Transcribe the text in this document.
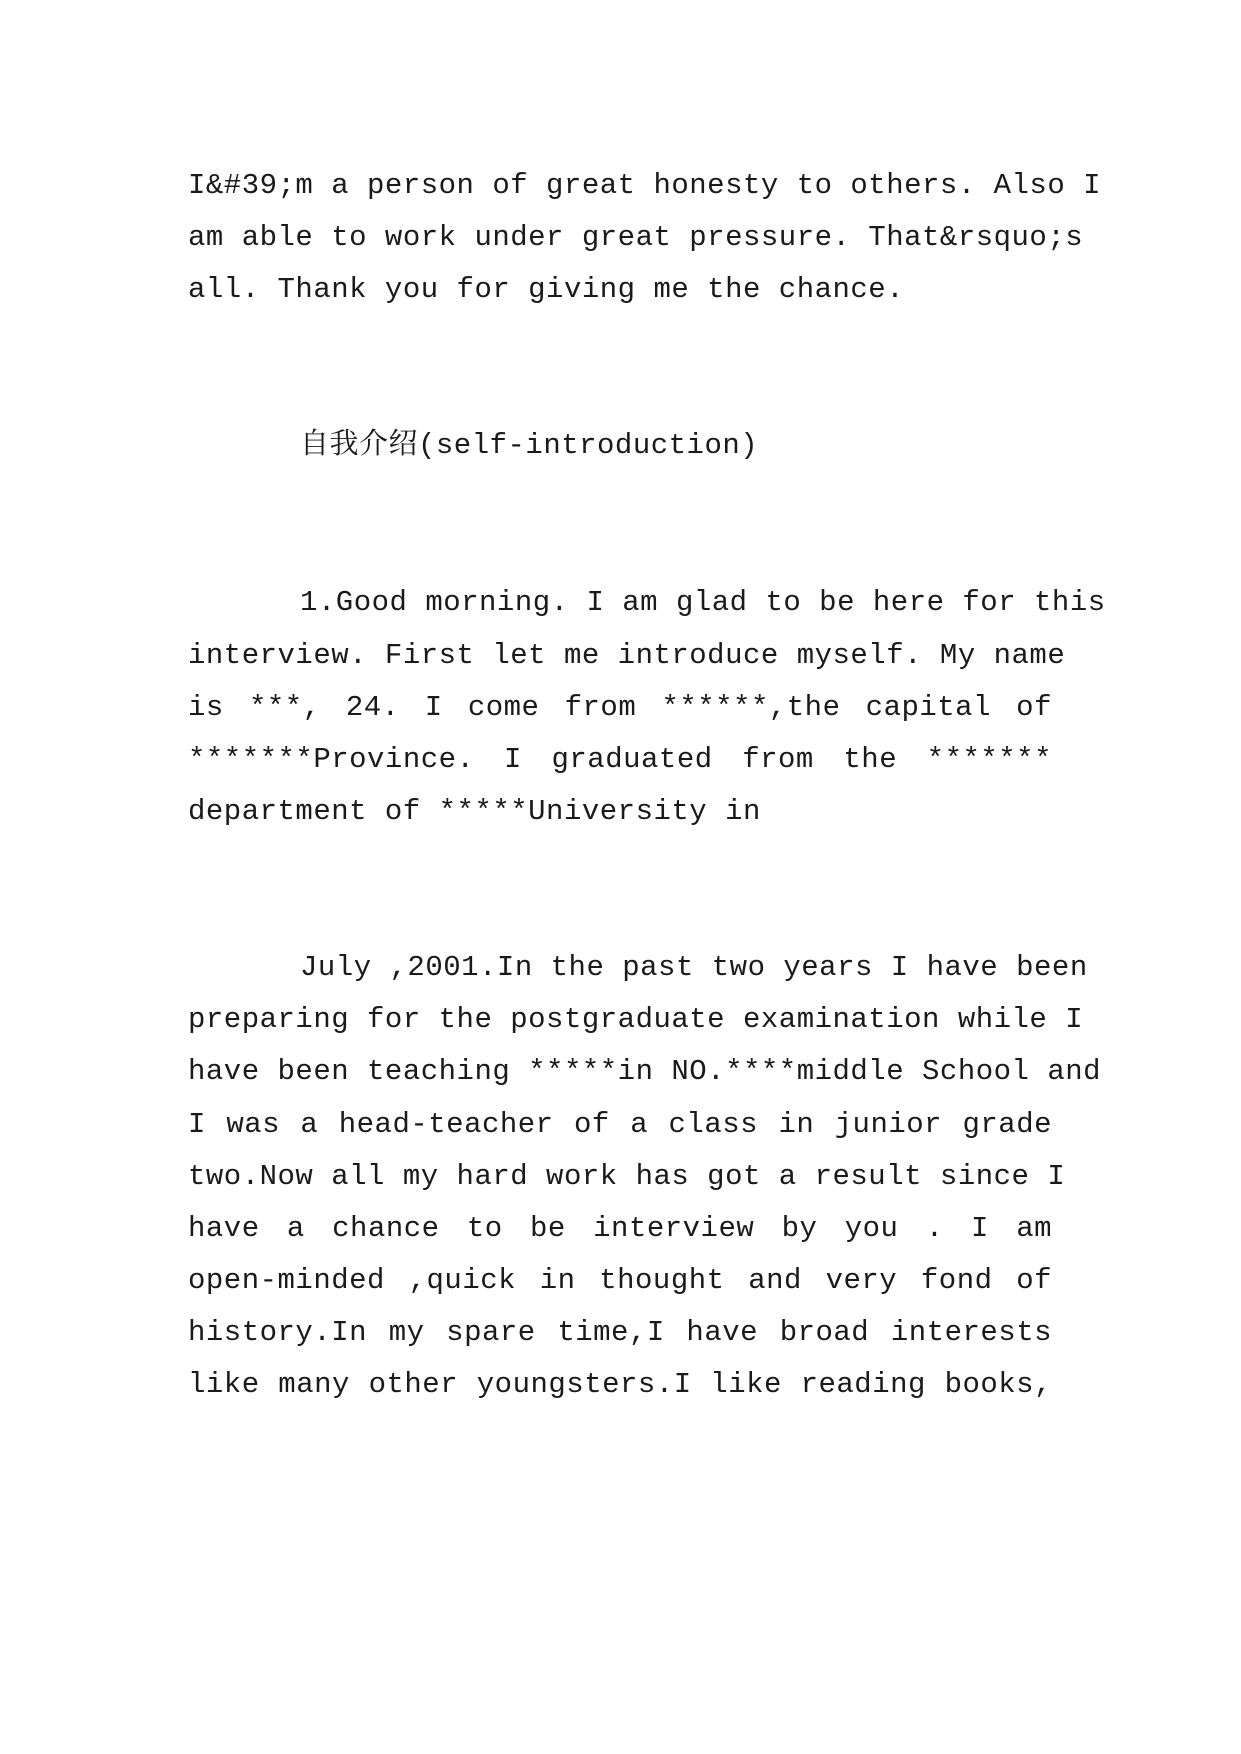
I&#39;m a person of great honesty to others. Also I
am able to work under great pressure. That&rsquo;s
all. Thank you for giving me the chance.
自我介绍(self-introduction)
1.Good morning. I am glad to be here for this
interview. First let me introduce myself. My name
is ***, 24. I come from ******,the capital of
*******Province. I graduated from the *******
department of *****University in
July ,2001.In the past two years I have been
preparing for the postgraduate examination while I
have been teaching *****in NO.****middle School and
I was a head-teacher of a class in junior grade
two.Now all my hard work has got a result since I
have a chance to be interview by you . I am
open-minded ,quick in thought and very fond of
history.In my spare time,I have broad interests
like many other youngsters.I like reading books,
